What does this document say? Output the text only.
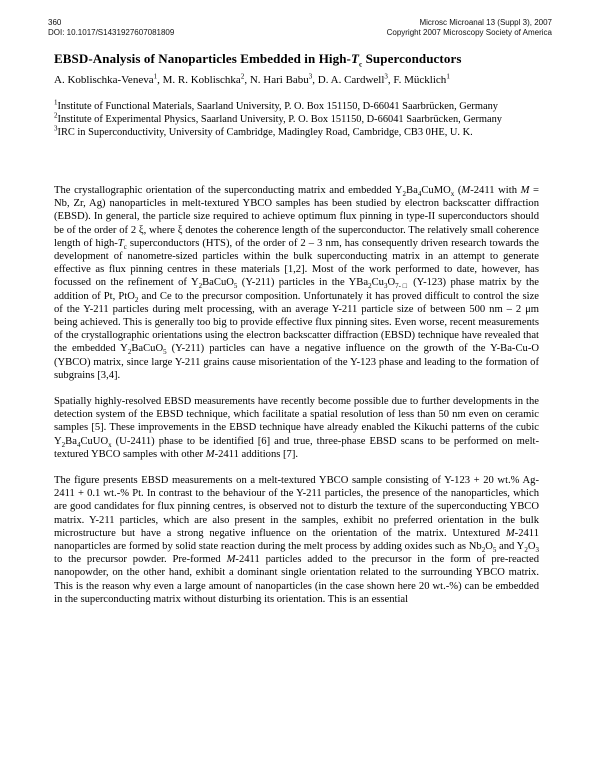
360
DOI: 10.1017/S1431927607081809
Microsc Microanal 13 (Suppl 3), 2007
Copyright 2007 Microscopy Society of America
EBSD-Analysis of Nanoparticles Embedded in High-$T_c$ Superconductors
A. Koblischka-Veneva$^1$, M. R. Koblischka$^2$, N. Hari Babu$^3$, D. A. Cardwell$^3$, F. Mücklich$^1$

$^1$Institute of Functional Materials, Saarland University, P. O. Box 151150, D-66041 Saarbrücken, Germany

$^2$Institute of Experimental Physics, Saarland University, P. O. Box 151150, D-66041 Saarbrücken, Germany

$^3$IRC in Superconductivity, University of Cambridge, Madingley Road, Cambridge, CB3 0HE, U. K.

The crystallographic orientation of the superconducting matrix and embedded $Y_2Ba_4CuMO_x$ (M-2411 with M = Nb, Zr, Ag) nanoparticles in melt-textured YBCO samples has been studied by electron backscatter diffraction (EBSD). In general, the particle size required to achieve optimum flux pinning in type-II superconductors should be of the order of 2 ξ, where ξ denotes the coherence length of the superconductor. The relatively small coherence length of high-$T_c$ superconductors (HTS), of the order of 2 – 3 nm, has consequently driven research towards the development of nanometre-sized particles within the bulk superconducting matrix in an attempt to generate effective as flux pinning centres in these materials [1,2]. Most of the work performed to date, however, has focussed on the refinement of $Y_2BaCuO_5$ (Y-211) particles in the $YBa_2Cu_3O_{7-□}$ (Y-123) phase matrix by the addition of Pt, PtO$_2$ and Ce to the precursor composition. Unfortunately it has proved difficult to control the size of the Y-211 particles during melt processing, with an average Y-211 particle size of between 500 nm – 2 μm being achieved. This is generally too big to provide effective flux pinning sites. Even worse, recent measurements of the crystallographic orientations using the electron backscatter diffraction (EBSD) technique have revealed that the embedded $Y_2BaCuO_5$ (Y-211) particles can have a negative influence on the growth of the Y-Ba-Cu-O (YBCO) matrix, since large Y-211 grains cause misorientation of the Y-123 phase and leading to the formation of subgrains [3,4].

Spatially highly-resolved EBSD measurements have recently become possible due to further developments in the detection system of the EBSD technique, which facilitate a spatial resolution of less than 50 nm even on ceramic samples [5]. These improvements in the EBSD technique have already enabled the Kikuchi patterns of the cubic $Y_2Ba_4CuUO_x$ (U-2411) phase to be identified [6] and true, three-phase EBSD scans to be performed on melt-textured YBCO samples with other M-2411 additions [7].

The figure presents EBSD measurements on a melt-textured YBCO sample consisting of Y-123 + 20 wt.% Ag-2411 + 0.1 wt.-% Pt. In contrast to the behaviour of the Y-211 particles, the presence of the nanoparticles, which are good candidates for flux pinning centres, is observed not to disturb the texture of the superconducting YBCO matrix. Y-211 particles, which are also present in the samples, exhibit no preferred orientation in the bulk microstructure but have a strong negative influence on the orientation of the matrix. Untextured M-2411 nanoparticles are formed by solid state reaction during the melt process by adding oxides such as $Nb_2O_5$ and $Y_2O_3$ to the precursor powder. Pre-formed M-2411 particles added to the precursor in the form of pre-reacted nanopowder, on the other hand, exhibit a dominant single orientation related to the surrounding YBCO matrix. This is the reason why even a large amount of nanoparticles (in the case shown here 20 wt.-%) can be embedded in the superconducting matrix without disturbing its orientation. This is an essential
